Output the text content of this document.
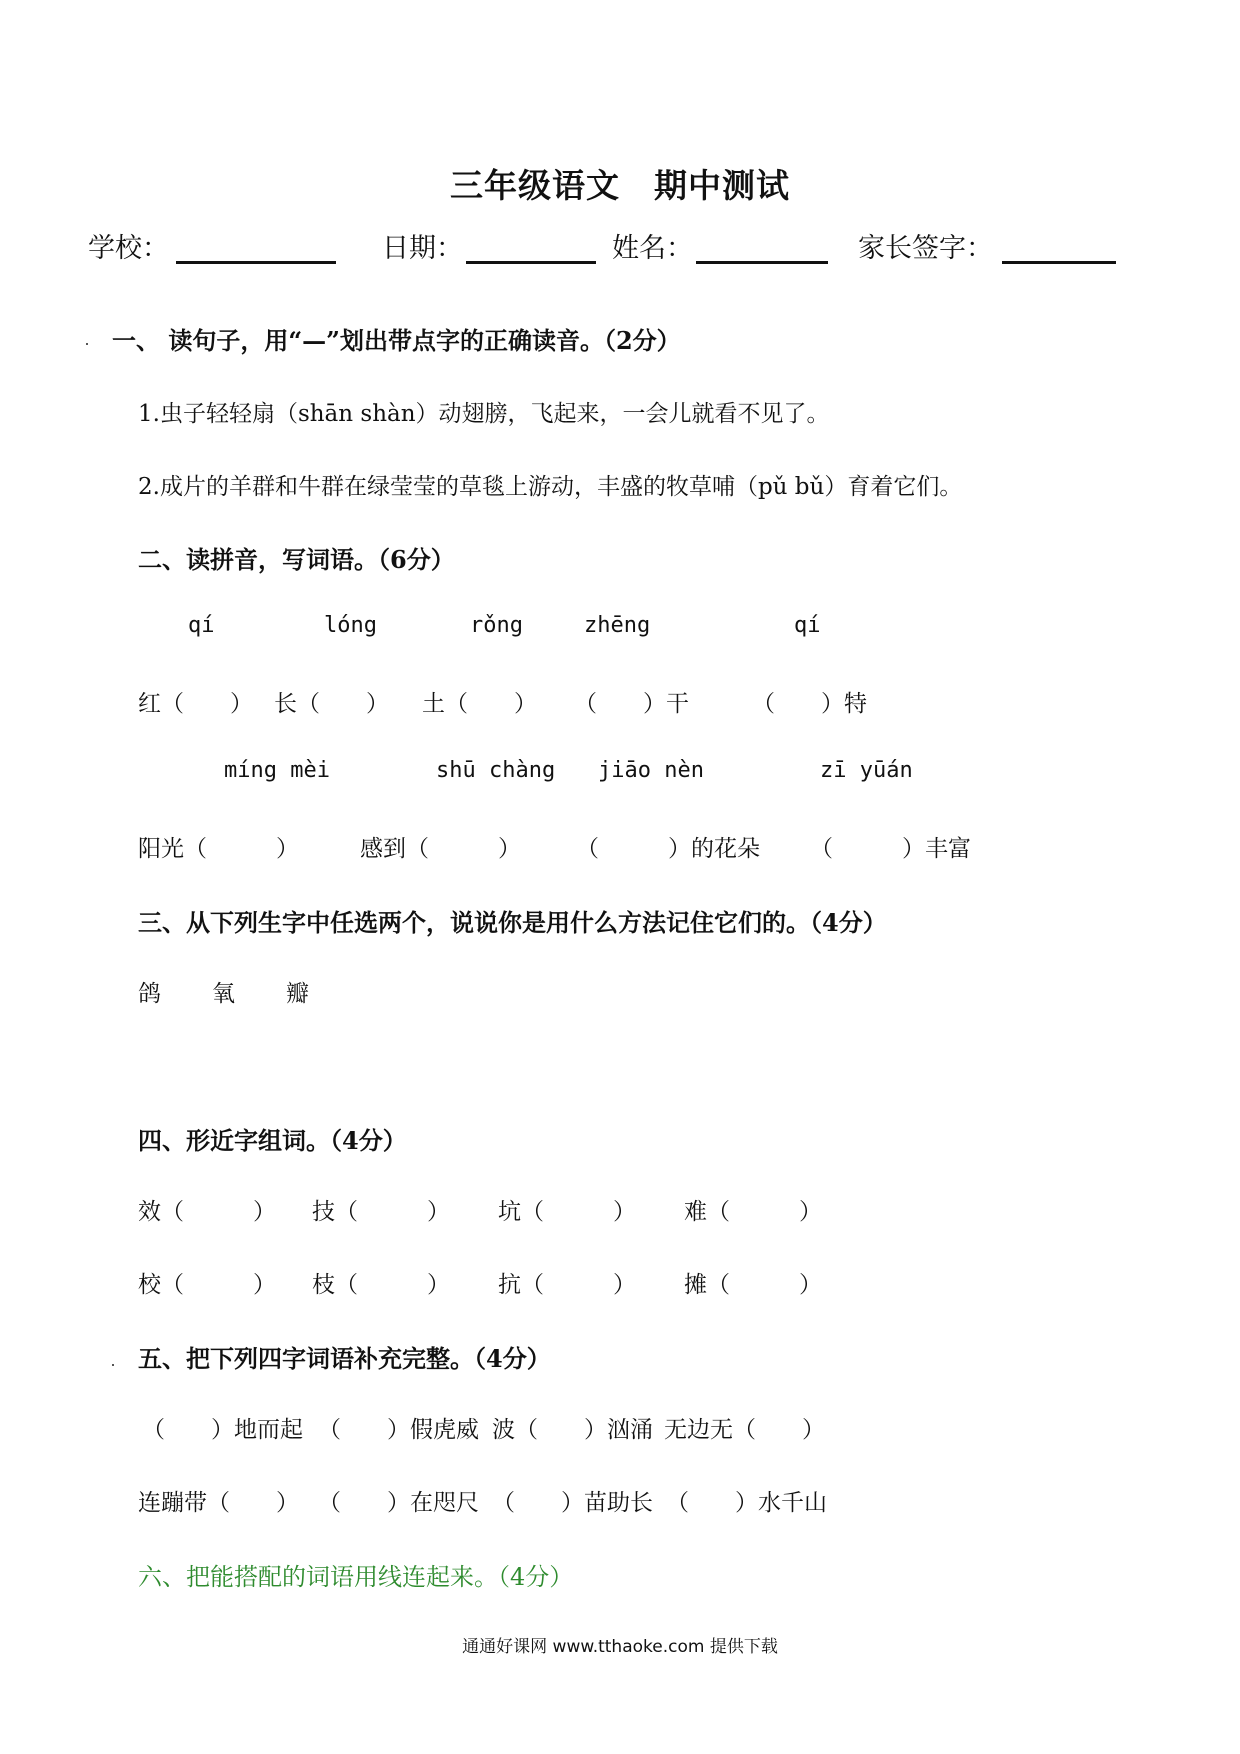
三年级语文　期中测试
学校：	日期：	姓名：	家长签字：
一、 读句子，用“—”划出带点字的正确读音。（2分）
1.虫子轻轻扇（shān shàn）动翅膀，飞起来，一会儿就看不见了。
2.成片的羊群和牛群在绿莹莹的草毯上游动，丰盛的牧草哺（pǔ bǔ）育着它们。
二、读拼音，写词语。（6分）
qí	lóng	rǒng	zhēng	qí
红（　　） 长（　　） 土（　　） （　　）干	（　　）特
míng mèi	shū chàng jiāo nèn	zī yūán
阳光（　　　）	感到（　　　） （　　　）的花朵 （　　　）丰富
三、从下列生字中任选两个，说说你是用什么方法记住它们的。（4分）
鸽 氧 瓣
四、形近字组词。（4分）
效（　　　） 技（　　　） 坑（　　　） 难（　　　）
校（　　　） 枝（　　　） 抗（　　　） 摊（　　　）
五、把下列四字词语补充完整。（4分）
（　　）地而起 （　　）假虎威 波（　　）汹涌 无边无（　　）
连蹦带（　　） （　　）在咫尺 （　　）苗助长 （　　）水千山
六、把能搭配的词语用线连起来。（4分）
通通好课网 www.tthaoke.com 提供下载
